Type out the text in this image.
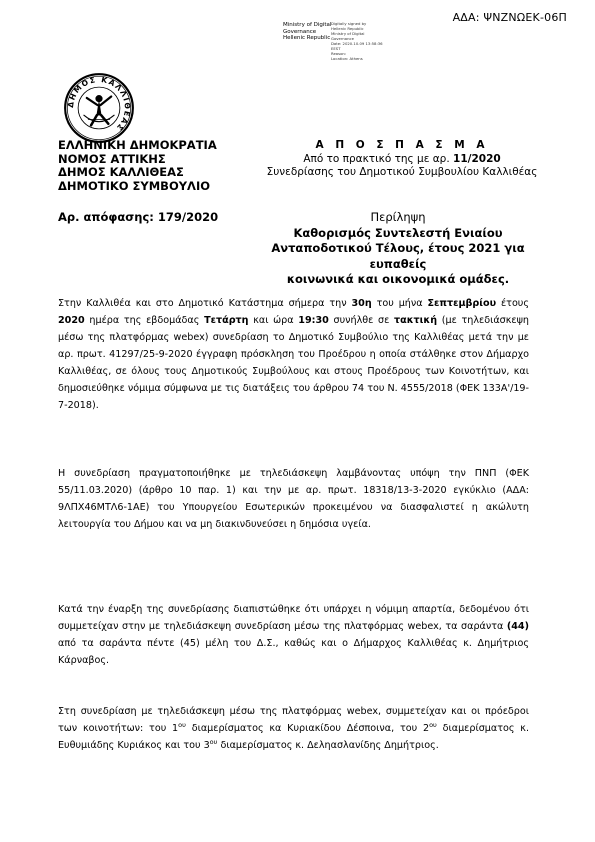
ΑΔΑ: ΨΝΖΝΩΕΚ-06Π
Ministry of Digital
Governance
Hellenic Republic
Digitally signed by
Hellenic Republic
Ministry of Digital
Governance
Date: 2020.10.09 13:58:36
EEST
Reason:
Location: Athens
ΔΗΜΟΣ ΚΑΛΛΙΘΕΑΣ
ΕΛΛΗΝΙΚΗ ΔΗΜΟΚΡΑΤΙΑ
ΝΟΜΟΣ ΑΤΤΙΚΗΣ
ΔΗΜΟΣ ΚΑΛΛΙΘΕΑΣ
ΔΗΜΟΤΙΚΟ ΣΥΜΒΟΥΛΙΟ
Α Π Ο Σ Π Α Σ Μ Α
Από το πρακτικό της με αρ. 11/2020
Συνεδρίασης του Δημοτικού Συμβουλίου Καλλιθέας
Αρ. απόφασης: 179/2020	Περίληψη
Καθορισμός Συντελεστή Ενιαίου
Ανταποδοτικού Τέλους, έτους 2021 για ευπαθείς
κοινωνικά και οικονομικά ομάδες.
Στην Καλλιθέα και στο Δημοτικό Κατάστημα σήμερα την 30η του μήνα Σεπτεμβρίου έτους 2020 ημέρα της εβδομάδας Τετάρτη και ώρα 19:30 συνήλθε σε τακτική (με τηλεδιάσκεψη μέσω της πλατφόρμας webex) συνεδρίαση το Δημοτικό Συμβούλιο της Καλλιθέας μετά την με αρ. πρωτ. 41297/25-9-2020 έγγραφη πρόσκληση του Προέδρου η οποία στάλθηκε στον Δήμαρχο Καλλιθέας, σε όλους τους Δημοτικούς Συμβούλους και στους Προέδρους των Κοινοτήτων, και δημοσιεύθηκε νόμιμα σύμφωνα με τις διατάξεις του άρθρου 74 του Ν. 4555/2018 (ΦΕΚ 133Α'/19-7-2018).
Η συνεδρίαση πραγματοποιήθηκε με τηλεδιάσκεψη λαμβάνοντας υπόψη την ΠΝΠ (ΦΕΚ 55/11.03.2020) (άρθρο 10 παρ. 1) και την με αρ. πρωτ. 18318/13-3-2020 εγκύκλιο (ΑΔΑ: 9ΛΠΧ46ΜΤΛ6-1ΑΕ) του Υπουργείου Εσωτερικών προκειμένου να διασφαλιστεί η ακώλυτη λειτουργία του Δήμου και να μη διακινδυνεύσει η δημόσια υγεία.
Κατά την έναρξη της συνεδρίασης διαπιστώθηκε ότι υπάρχει η νόμιμη απαρτία, δεδομένου ότι συμμετείχαν στην με τηλεδιάσκεψη συνεδρίαση μέσω της πλατφόρμας webex, τα σαράντα (44) από τα σαράντα πέντε (45) μέλη του Δ.Σ., καθώς και ο Δήμαρχος Καλλιθέας κ. Δημήτριος Κάρναβος.
Στη συνεδρίαση με τηλεδιάσκεψη μέσω της πλατφόρμας webex, συμμετείχαν και οι πρόεδροι των κοινοτήτων: του $1^{o\upsilon}$ διαμερίσματος κα Κυριακίδου Δέσποινα, του $2^{o\upsilon}$ διαμερίσματος κ. Ευθυμιάδης Κυριάκος και του $3^{o\upsilon}$ διαμερίσματος κ. Δεληασλανίδης Δημήτριος.
